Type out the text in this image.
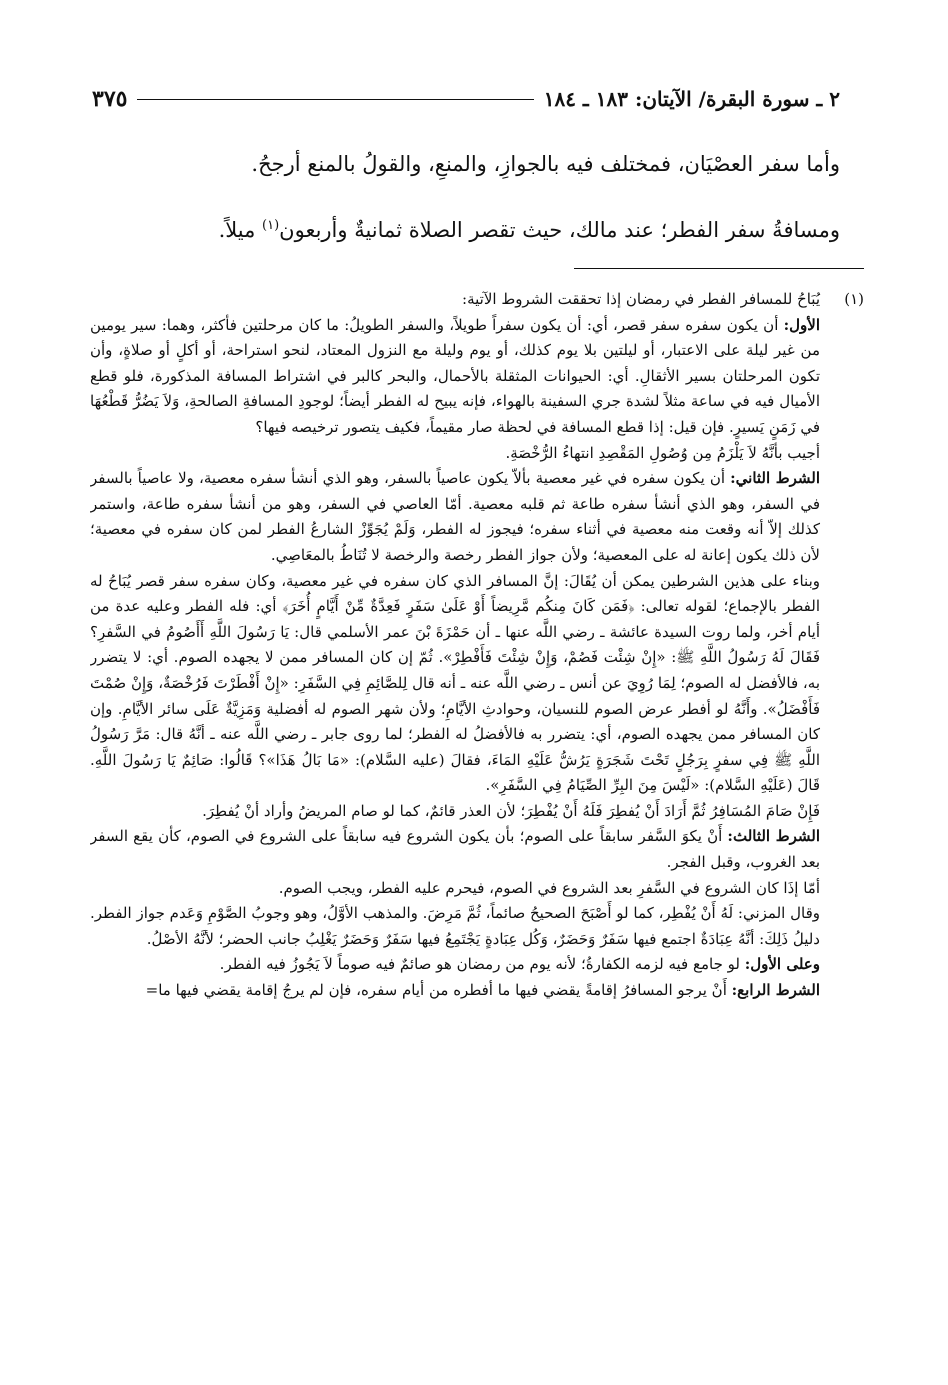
٢ ـ سورة البقرة/ الآيتان: ١٨٣ ـ ١٨٤
٣٧٥

وأما سفر العصْيَان، فمختلف فيه بالجوازِ، والمنعِ، والقولُ بالمنع أرجحُ.

ومسافةُ سفر الفطر؛ عند مالك، حيث تقصر الصلاة ثمانيةٌ وأربعون$^{(١)}$ ميلاً.

(١)
يُبَاحُ للمسافر الفطر في رمضان إذا تحققت الشروط الآتية:

الأول: أن يكون سفره سفر قصر، أي: أن يكون سفراً طويلاً، والسفر الطويلُ: ما كان مرحلتين فأكثر، وهما: سير يومين من غير ليلة على الاعتبار، أو ليلتين بلا يوم كذلك، أو يوم وليلة مع النزول المعتاد، لنحو استراحة، أو أكلٍ أو صلاةٍ، وأن تكون المرحلتان بسير الأثقالِ. أي: الحيوانات المثقلة بالأحمال، والبحر كالبر في اشتراط المسافة المذكورة، فلو قطع الأميال فيه في ساعة مثلاً لشدة جري السفينة بالهواء، فإنه يبيح له الفطر أيضاً؛ لوجودِ المسافةِ الصالحةِ، وَلاَ يَضُرُّ قَطْعُهَا في زَمَنٍ يَسيرٍ. فإن قيل: إذا قطع المسافة في لحظة صار مقيماً، فكيف يتصور ترخيصه فيها؟

أجيب بأنَّهُ لاَ يَلْزَمُ مِن وُصُولِ المَقْصِدِ انتهاءُ الرُّخْصَةِ.

الشرط الثاني: أن يكون سفره في غير معصية بألاّ يكون عاصياً بالسفر، وهو الذي أنشأ سفره معصية، ولا عاصياً بالسفر في السفر، وهو الذي أنشأ سفره طاعة ثم قلبه معصية. أمّا العاصي في السفر، وهو من أنشأ سفره طاعة، واستمر كذلك إلاّ أنه وقعت منه معصية في أثناء سفره؛ فيجوز له الفطر، وَلَمْ يُجَوِّزْ الشارعُ الفطر لمن كان سفره في معصية؛ لأن ذلك يكون إعانة له على المعصية؛ ولأن جواز الفطر رخصة والرخصة لا تُنَاطُ بالمعَاصِي.

وبناء على هذين الشرطين يمكن أن يُقَالَ: إنَّ المسافر الذي كان سفره في غير معصية، وكان سفره سفر قصر يُبَاحُ له الفطر بالإجماع؛ لقوله تعالى: ﴿فَمَن كَانَ مِنكُم مَّرِيضاً أَوْ عَلَىٰ سَفَرٍ فَعِدَّةٌ مِّنْ أَيَّامٍ أُخَرَ﴾ أي: فله الفطر وعليه عدة من أيام أخر، ولما روت السيدة عائشة ـ رضي اللَّه عنها ـ أن حَمْزَةَ بْنَ عمر الأسلمي قال: يَا رَسُولَ اللَّهِ أَأَصُومُ في السَّفرِ؟ فَقَالَ لَهُ رَسُولُ اللَّهِ ﷺ: «إِنْ شِئْت فَصُمْ، وَإِنْ شِئْتَ فَأَفْطِرْ». ثُمّ إن كان المسافر ممن لا يجهده الصوم. أي: لا يتضرر به، فالأفضل له الصوم؛ لِمَا رُوِيَ عن أنس ـ رضي اللَّه عنه ـ أنه قال لِلصَّائِمِ فِي السَّفَرِ: «إِنْ أَفْطَرْتَ فَرُخْصَةٌ، وَإِنْ صُمْتَ فَأَفْضَلُ». وأَنَّهُ لو أفطر عرض الصوم للنسيان، وحوادثِ الأيَّامِ؛ ولأن شهر الصوم له أفضلية وَمَزِيَّةٌ عَلَى سائر الأيَّامِ. وإن كان المسافر ممن يجهده الصوم، أي: يتضرر به فالأفضلُ له الفطر؛ لما روى جابر ـ رضي اللَّه عنه ـ أنَّهُ قال: مَرَّ رَسُولُ اللَّهِ ﷺ فِي سفرٍ بِرَجُلٍ تَحْتَ شَجَرَةٍ يَرُشُّ عَلَيْهِ المَاءَ، فقالَ (عليه السَّلام): «مَا بَالُ هَذَا»؟ قَالُوا: صَائِمٌ يَا رَسُولَ اللَّهِ. قَالَ (عَلَيْهِ السَّلام): «لَيْسَ مِنَ البِرِّ الصِّيَامُ فِي السَّفَرِ».

فَإِنْ صَامَ المُسَافِرُ ثُمَّ أَرَادَ أَنْ يُفطِرَ فَلَهُ أَنْ يُفْطِرَ؛ لأن العذر قائمٌ، كما لو صام المريضُ وأراد أنْ يُفطِرَ.

الشرط الثالث: أَنْ يكوَ السَّفر سابقاً على الصوم؛ بأن يكون الشروع فيه سابقاً على الشروع في الصوم، كأن يقع السفر بعد الغروب، وقبل الفجر.

أمّا إذَا كان الشروع في السَّفرِ بعد الشروع في الصوم، فيحرم عليه الفطر، ويجب الصوم.

وقال المزني: لَهُ أَنْ يُفْطِر، كما لو أَصْبَحَ الصحيحُ صائماً، ثُمَّ مَرِضَ. والمذهب الأوَّلُ، وهو وجوبُ الصَّوْمِ وَعَدم جواز الفطر. دليلُ ذَلِكَ: أنَّهُ عِبَادَةٌ اجتمع فيها سَفَرٌ وَحَضَرٌ، وَكُل عِبَادةٍ يَجْتَمِعُ فيها سَفَرٌ وَحَضَرٌ يَغْلِبُ جانب الحضر؛ لأنَّهُ الأصْلُ.

وعلى الأول: لو جامع فيه لزمه الكفارةُ؛ لأنه يوم من رمضان هو صائمٌ فيه صوماً لاَ يَجُوزُ فيه الفطر.

الشرط الرابع: أَنْ يرجو المسافرُ إقامةً يقضي فيها ما أفطره من أيام سفره، فإن لم يرجُ إقامة يقضي فيها ما=
